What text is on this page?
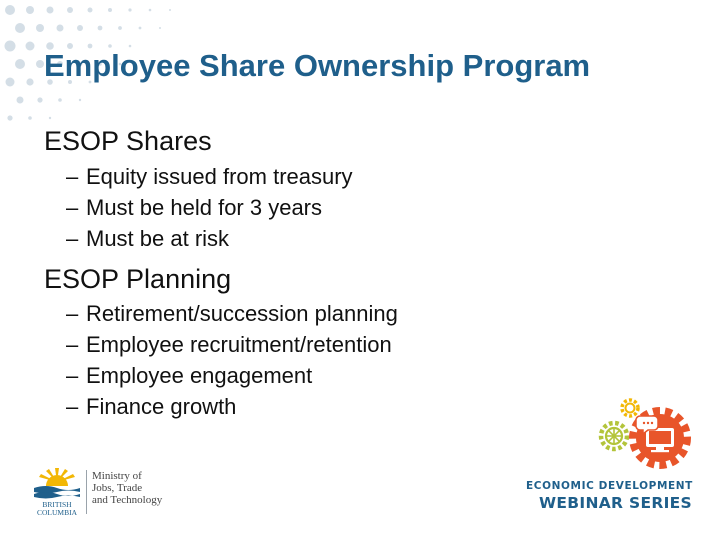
Employee Share Ownership Program
ESOP Shares
– Equity issued from treasury
– Must be held for 3 years
– Must be at risk
ESOP Planning
– Retirement/succession planning
– Employee recruitment/retention
– Employee engagement
– Finance growth
BRITISH
COLUMBIA
Ministry of
Jobs, Trade
and Technology
ECONOMIC DEVELOPMENT
WEBINAR SERIES
